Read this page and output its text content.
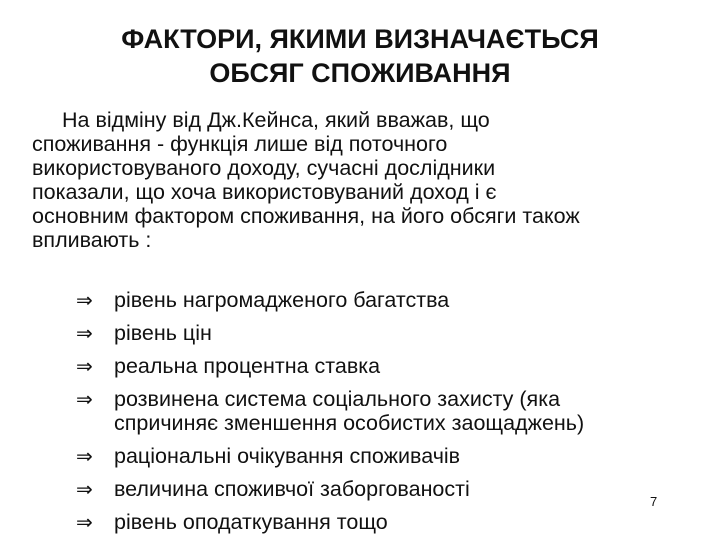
ФАКТОРИ, ЯКИМИ ВИЗНАЧАЄТЬСЯ
ОБСЯГ СПОЖИВАННЯ
На відміну від Дж.Кейнса, який вважав, що
споживання - функція лише від поточного
використовуваного доходу, сучасні дослідники
показали, що хоча використовуваний доход і є
основним фактором споживання, на його обсяги також
впливають :
⇒ рівень нагромадженого багатства
⇒ рівень цін
⇒ реальна процентна ставка
⇒ розвинена система соціального захисту (яка
спричиняє зменшення особистих заощаджень)
⇒ раціональні очікування споживачів
⇒ величина споживчої заборгованості
⇒ рівень оподаткування тощо
7
